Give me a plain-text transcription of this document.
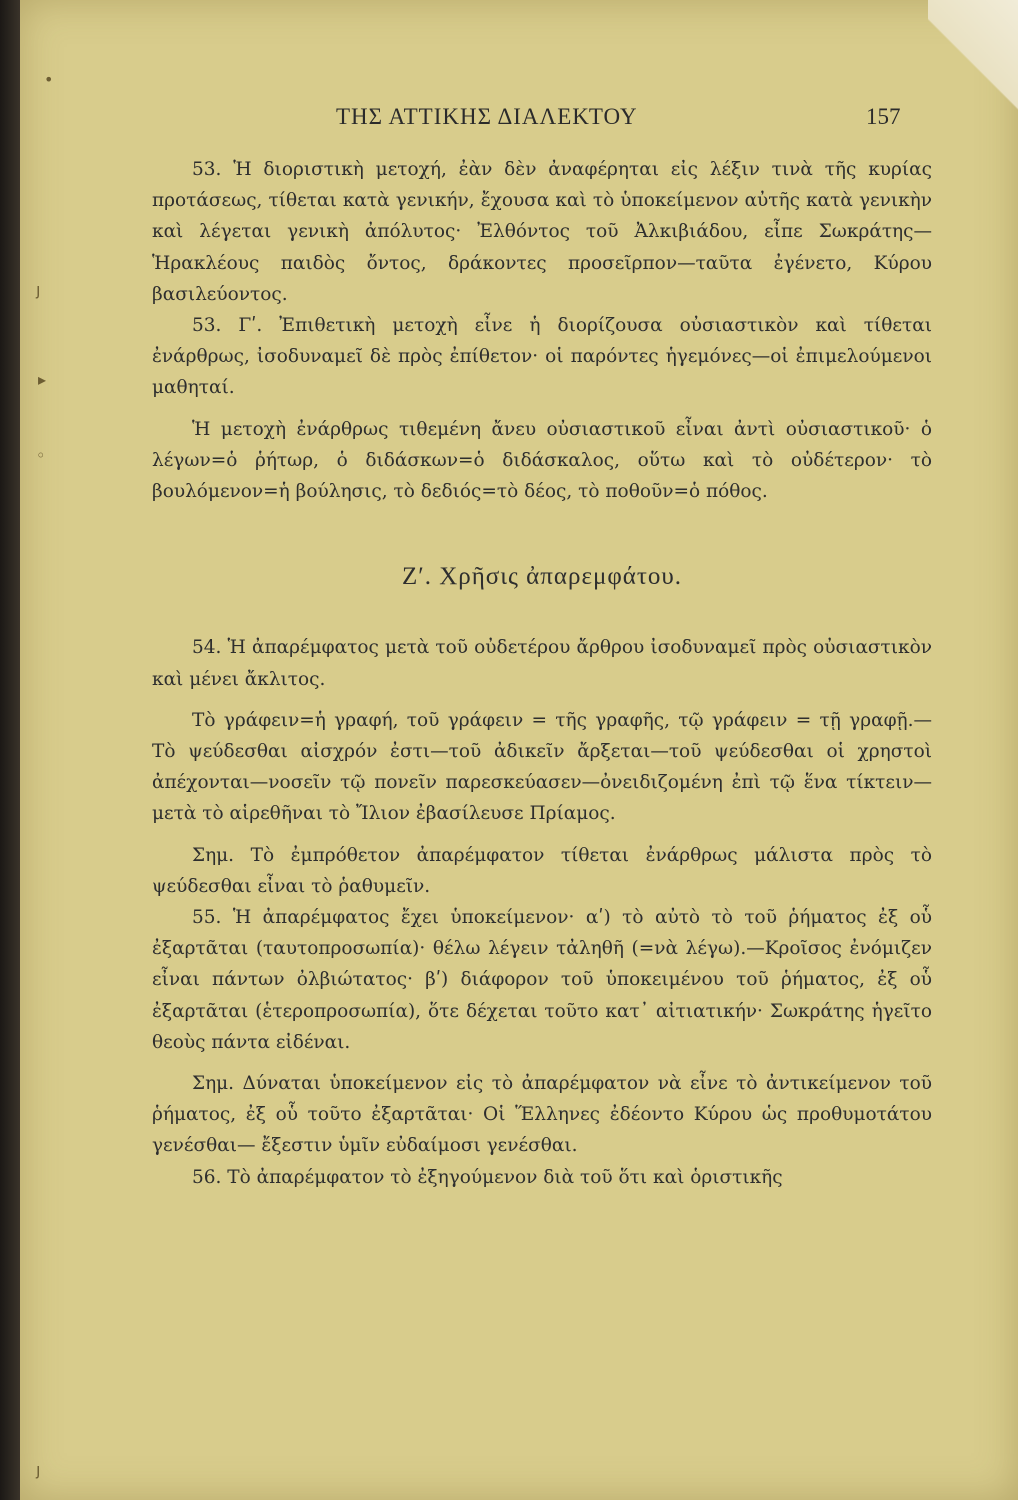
ΤΗΣ ΑΤΤΙΚΗΣ ΔΙΑΛΕΚΤΟΥ	157
•
ȷ
▸
◦
ȷ

53. Ἡ διοριστικὴ μετοχή, ἐὰν δὲν ἀναφέρηται εἰς λέξιν τινὰ τῆς κυρίας προτάσεως, τίθεται κατὰ γενικήν, ἔχουσα καὶ τὸ ὑποκείμενον αὐτῆς κατὰ γενικὴν καὶ λέγεται γενικὴ ἀπόλυτος· Ἐλθόντος τοῦ Ἀλκιβιάδου, εἶπε Σωκράτης—Ἡρακλέους παιδὸς ὄντος, δράκοντες προσεῖρπον—ταῦτα ἐγένετο, Κύρου βασιλεύοντος.

53. Γʹ. Ἐπιθετικὴ μετοχὴ εἶνε ἡ διορίζουσα οὐσιαστικὸν καὶ τίθεται ἐνάρθρως, ἰσοδυναμεῖ δὲ πρὸς ἐπίθετον· οἱ παρόντες ἡγεμόνες—οἱ ἐπιμελούμενοι μαθηταί.

Ἡ μετοχὴ ἐνάρθρως τιθεμένη ἄνευ οὐσιαστικοῦ εἶναι ἀντὶ οὐσιαστικοῦ· ὁ λέγων=ὁ ῥήτωρ, ὁ διδάσκων=ὁ διδάσκαλος, οὕτω καὶ τὸ οὐδέτερον· τὸ βουλόμενον=ἡ βούλησις, τὸ δεδιός=τὸ δέος, τὸ ποθοῦν=ὁ πόθος.

Ζʹ. Χρῆσις ἀπαρεμφάτου.

54. Ἡ ἀπαρέμφατος μετὰ τοῦ οὐδετέρου ἄρθρου ἰσοδυναμεῖ πρὸς οὐσιαστικὸν καὶ μένει ἄκλιτος.

Τὸ γράφειν=ἡ γραφή, τοῦ γράφειν = τῆς γραφῆς, τῷ γράφειν = τῇ γραφῇ.— Τὸ ψεύδεσθαι αἰσχρόν ἐστι—τοῦ ἀδικεῖν ἄρξεται—τοῦ ψεύδεσθαι οἱ χρηστοὶ ἀπέχονται—νοσεῖν τῷ πονεῖν παρεσκεύασεν—ὀνειδιζομένη ἐπὶ τῷ ἕνα τίκτειν—μετὰ τὸ αἱρεθῆναι τὸ Ἴλιον ἐβασίλευσε Πρίαμος.

Σημ. Τὸ ἐμπρόθετον ἀπαρέμφατον τίθεται ἐνάρθρως μάλιστα πρὸς τὸ ψεύδεσθαι εἶναι τὸ ῥαθυμεῖν.

55. Ἡ ἀπαρέμφατος ἔχει ὑποκείμενον· αʹ) τὸ αὐτὸ τὸ τοῦ ῥήματος ἐξ οὗ ἐξαρτᾶται (ταυτοπροσωπία)· θέλω λέγειν τἀληθῆ (=νὰ λέγω).—Κροῖσος ἐνόμιζεν εἶναι πάντων ὀλβιώτατος· βʹ) διάφορον τοῦ ὑποκειμένου τοῦ ῥήματος, ἐξ οὗ ἐξαρτᾶται (ἑτεροπροσωπία), ὅτε δέχεται τοῦτο κατ᾽ αἰτιατικήν· Σωκράτης ἡγεῖτο θεοὺς πάντα εἰδέναι.

Σημ. Δύναται ὑποκείμενον εἰς τὸ ἀπαρέμφατον νὰ εἶνε τὸ ἀντικείμενον τοῦ ῥήματος, ἐξ οὗ τοῦτο ἐξαρτᾶται· Οἱ Ἕλληνες ἐδέοντο Κύρου ὡς προθυμοτάτου γενέσθαι— ἔξεστιν ὑμῖν εὐδαίμοσι γενέσθαι.

56. Τὸ ἀπαρέμφατον τὸ ἐξηγούμενον διὰ τοῦ ὅτι καὶ ὁριστικῆς
